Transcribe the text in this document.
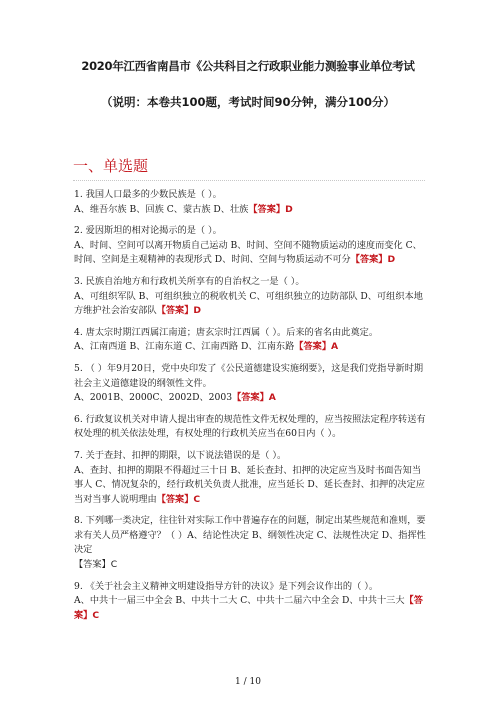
2020年江西省南昌市《公共科目之行政职业能力测验事业单位考试
（说明：本卷共100题，考试时间90分钟，满分100分）
一、单选题
1. 我国人口最多的少数民族是（ ）。
A、维吾尔族 B、回族 C、蒙古族 D、壮族【答案】D
2. 爱因斯坦的相对论揭示的是（ ）。
A、时间、空间可以离开物质自己运动 B、时间、空间不随物质运动的速度而变化 C、时间、空间是主观精神的表现形式 D、时间、空间与物质运动不可分【答案】D
3. 民族自治地方和行政机关所享有的自治权之一是（ ）。
A、可组织军队 B、可组织独立的税收机关 C、可组织独立的边防部队 D、可组织本地方维护社会治安部队【答案】D
4. 唐太宗时期江西属江南道；唐玄宗时江西属（ ）。后来的省名由此奠定。
A、江南西道 B、江南东道 C、江南西路 D、江南东路【答案】A
5. （ ）年9月20日，党中央印发了《公民道德建设实施纲要》，这是我们党指导新时期社会主义道德建设的纲领性文件。
A、2001B、2000C、2002D、2003【答案】A
6. 行政复议机关对申请人提出审查的规范性文件无权处理的，应当按照法定程序转送有权处理的机关依法处理，有权处理的行政机关应当在60日内（ ）。
7. 关于查封、扣押的期限，以下说法错误的是（ ）。
A、查封、扣押的期限不得超过三十日 B、延长查封、扣押的决定应当及时书面告知当事人 C、情况复杂的，经行政机关负责人批准，应当延长 D、延长查封、扣押的决定应当对当事人说明理由【答案】C
8. 下列哪一类决定，往往针对实际工作中普遍存在的问题，制定出某些规范和准则，要求有关人员严格遵守？（ ）A、结论性决定 B、纲领性决定 C、法规性决定 D、指挥性决定
【答案】C
9. 《关于社会主义精神文明建设指导方针的决议》是下列会议作出的（ ）。
A、中共十一届三中全会 B、中共十二大 C、中共十二届六中全会 D、中共十三大【答案】C
1 / 10
